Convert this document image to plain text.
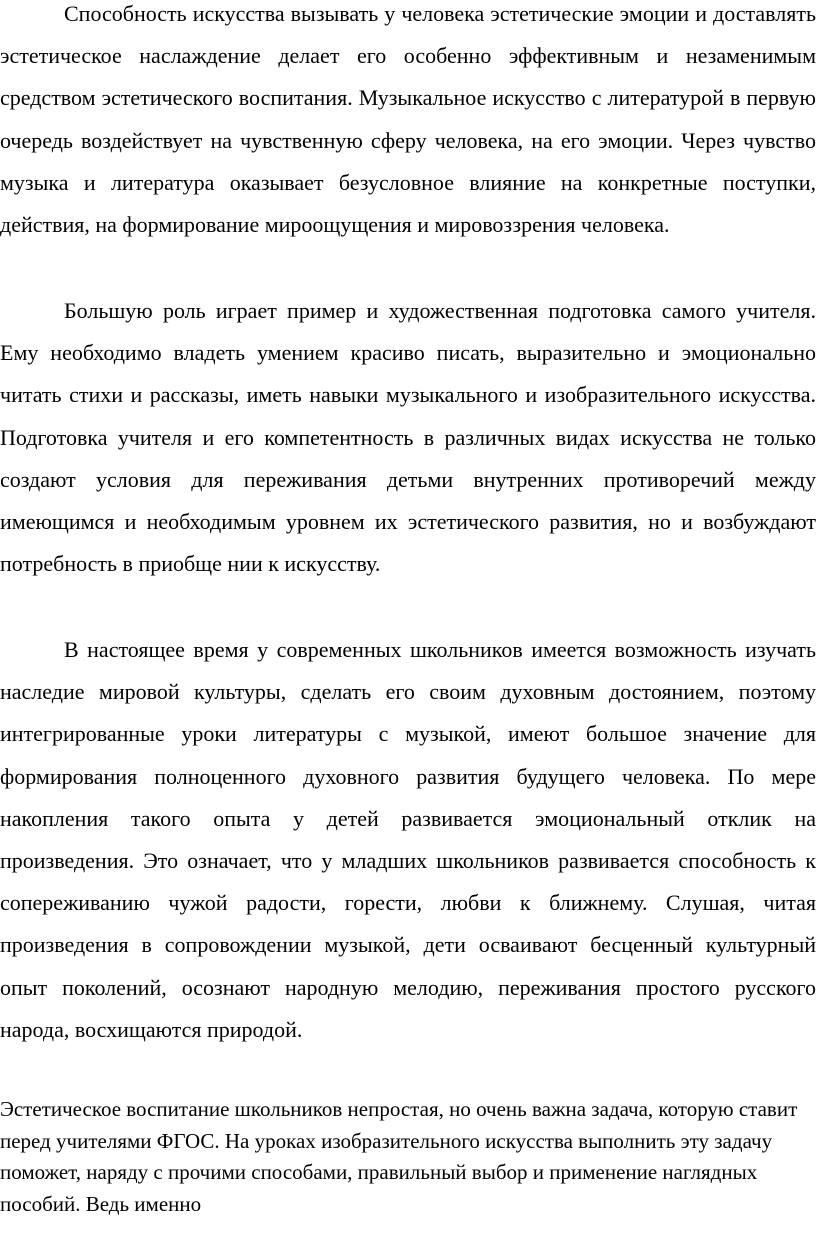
Способность искусства вызывать у человека эстетические эмоции и доставлять эстетическое наслаждение делает его особенно эффективным и незаменимым средством эстетического воспитания. Музыкальное искусство с литературой в первую очередь воздействует на чувственную сферу человека, на его эмоции. Через чувство музыка и литература оказывает безусловное влияние на конкретные поступки, действия, на формирование мироощущения и мировоззрения человека.

Большую роль играет пример и художественная подготовка самого учителя. Ему необходимо владеть умением красиво писать, выразительно и эмоционально читать стихи и рассказы, иметь навыки музыкального и изобразительного искусства. Подготовка учителя и его компетентность в различных видах искусства не только создают условия для переживания детьми внутренних противоречий между имеющимся и необходимым уровнем их эстетического развития, но и возбуждают потребность в приобще нии к искусству.

В настоящее время у современных школьников имеется возможность изучать наследие мировой культуры, сделать его своим духовным достоянием, поэтому интегрированные уроки литературы с музыкой, имеют большое значение для формирования полноценного духовного развития будущего человека. По мере накопления такого опыта у детей развивается эмоциональный отклик на произведения. Это означает, что у младших школьников развивается способность к сопереживанию чужой радости, горести, любви к ближнему. Слушая, читая произведения в сопровождении музыкой, дети осваивают бесценный культурный опыт поколений, осознают народную мелодию, переживания простого русского народа, восхищаются природой.

Эстетическое воспитание школьников непростая, но очень важна задача, которую ставит перед учителями ФГОС. На уроках изобразительного искусства выполнить эту задачу поможет, наряду с прочими способами, правильный выбор и применение наглядных пособий. Ведь именно
